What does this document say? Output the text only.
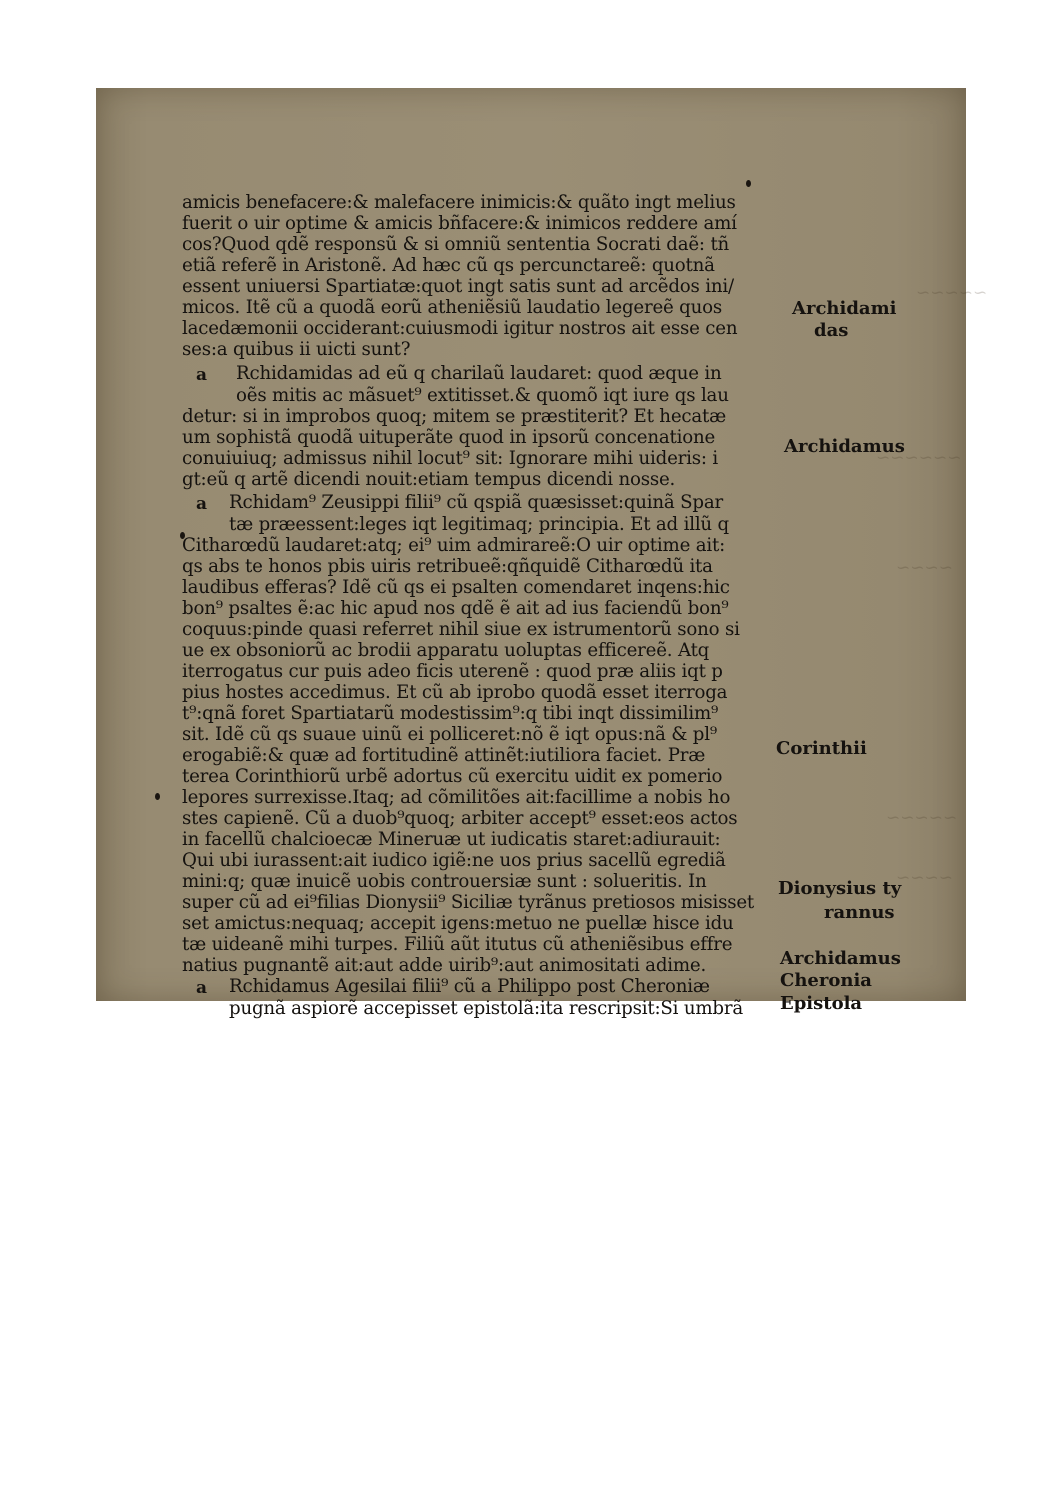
~~~~~
~~~~~~
~~~~
~~~~~
~~~~
amicis benefacere:& malefacere inimicis:& quãto ingt melius
fuerit o uir optime & amicis bñfacere:& inimicos reddere amí
cos?Quod qdẽ responsũ & si omniũ sententia Socrati daẽ: tñ
etiã referẽ in Aristonẽ. Ad hæc cũ qs percunctareẽ: quotnã
essent uniuersi Spartiatæ:quot ingt satis sunt ad arcẽdos ini/
micos. Itẽ cũ a quodã eorũ atheniẽsiũ laudatio legereẽ quos
lacedæmonii occiderant:cuiusmodi igitur nostros ait esse cen
ses:a quibus ii uicti sunt?
a Rchidamidas ad eũ q charilaũ laudaret: quod æque in
oẽs mitis ac mãsuet⁹ extitisset.& quomõ iqt iure qs lau
detur: si in improbos quoq; mitem se præstiterit? Et hecatæ
um sophistã quodã uituperãte quod in ipsorũ concenatione
conuiuiuq; admissus nihil locut⁹ sit: Ignorare mihi uideris: i
gt:eũ q artẽ dicendi nouit:etiam tempus dicendi nosse.
a Rchidam⁹ Zeusippi filii⁹ cũ qspiã quæsisset:quinã Spar
tæ præessent:leges iqt legitimaq; principia. Et ad illũ q
Citharœdũ laudaret:atq; ei⁹ uim admirareẽ:O uir optime ait:
qs abs te honos pbis uiris retribueẽ:qñquidẽ Citharœdũ ita
laudibus efferas? Idẽ cũ qs ei psalten comendaret inqens:hic
bon⁹ psaltes ẽ:ac hic apud nos qdẽ ẽ ait ad ius faciendũ bon⁹
coquus:pinde quasi referret nihil siue ex istrumentorũ sono si
ue ex obsoniorũ ac brodii apparatu uoluptas efficereẽ. Atq
iterrogatus cur puis adeo ficis uterenẽ : quod præ aliis iqt p
pius hostes accedimus. Et cũ ab iprobo quodã esset iterroga
t⁹:qnã foret Spartiatarũ modestissim⁹:q tibi inqt dissimilim⁹
sit. Idẽ cũ qs suaue uinũ ei polliceret:nõ ẽ iqt opus:nã & pl⁹
erogabiẽ:& quæ ad fortitudinẽ attinẽt:iutiliora faciet. Præ
terea Corinthiorũ urbẽ adortus cũ exercitu uidit ex pomerio
lepores surrexisse.Itaq; ad cõmilitões ait:facillime a nobis ho
stes capienẽ. Cũ a duob⁹quoq; arbiter accept⁹ esset:eos actos
in facellũ chalcioecæ Mineruæ ut iudicatis staret:adiurauit:
Qui ubi iurassent:ait iudico igiẽ:ne uos prius sacellũ egrediã
mini:q; quæ inuicẽ uobis controuersiæ sunt : solueritis. In
super cũ ad ei⁹filias Dionysii⁹ Siciliæ tyrãnus pretiosos misisset
set amictus:nequaq; accepit igens:metuo ne puellæ hisce idu
tæ uideanẽ mihi turpes. Filiũ aũt itutus cũ atheniẽsibus effre
natius pugnantẽ ait:aut adde uirib⁹:aut animositati adime.
a Rchidamus Agesilai filii⁹ cũ a Philippo post Cheroniæ
pugnã aspiorẽ accepisset epistolã:ita rescripsit:Si umbrã
Archidami
das
Archidamus
Corinthii
Dionysius ty
rannus
Archidamus
Cheronia
Epistola
